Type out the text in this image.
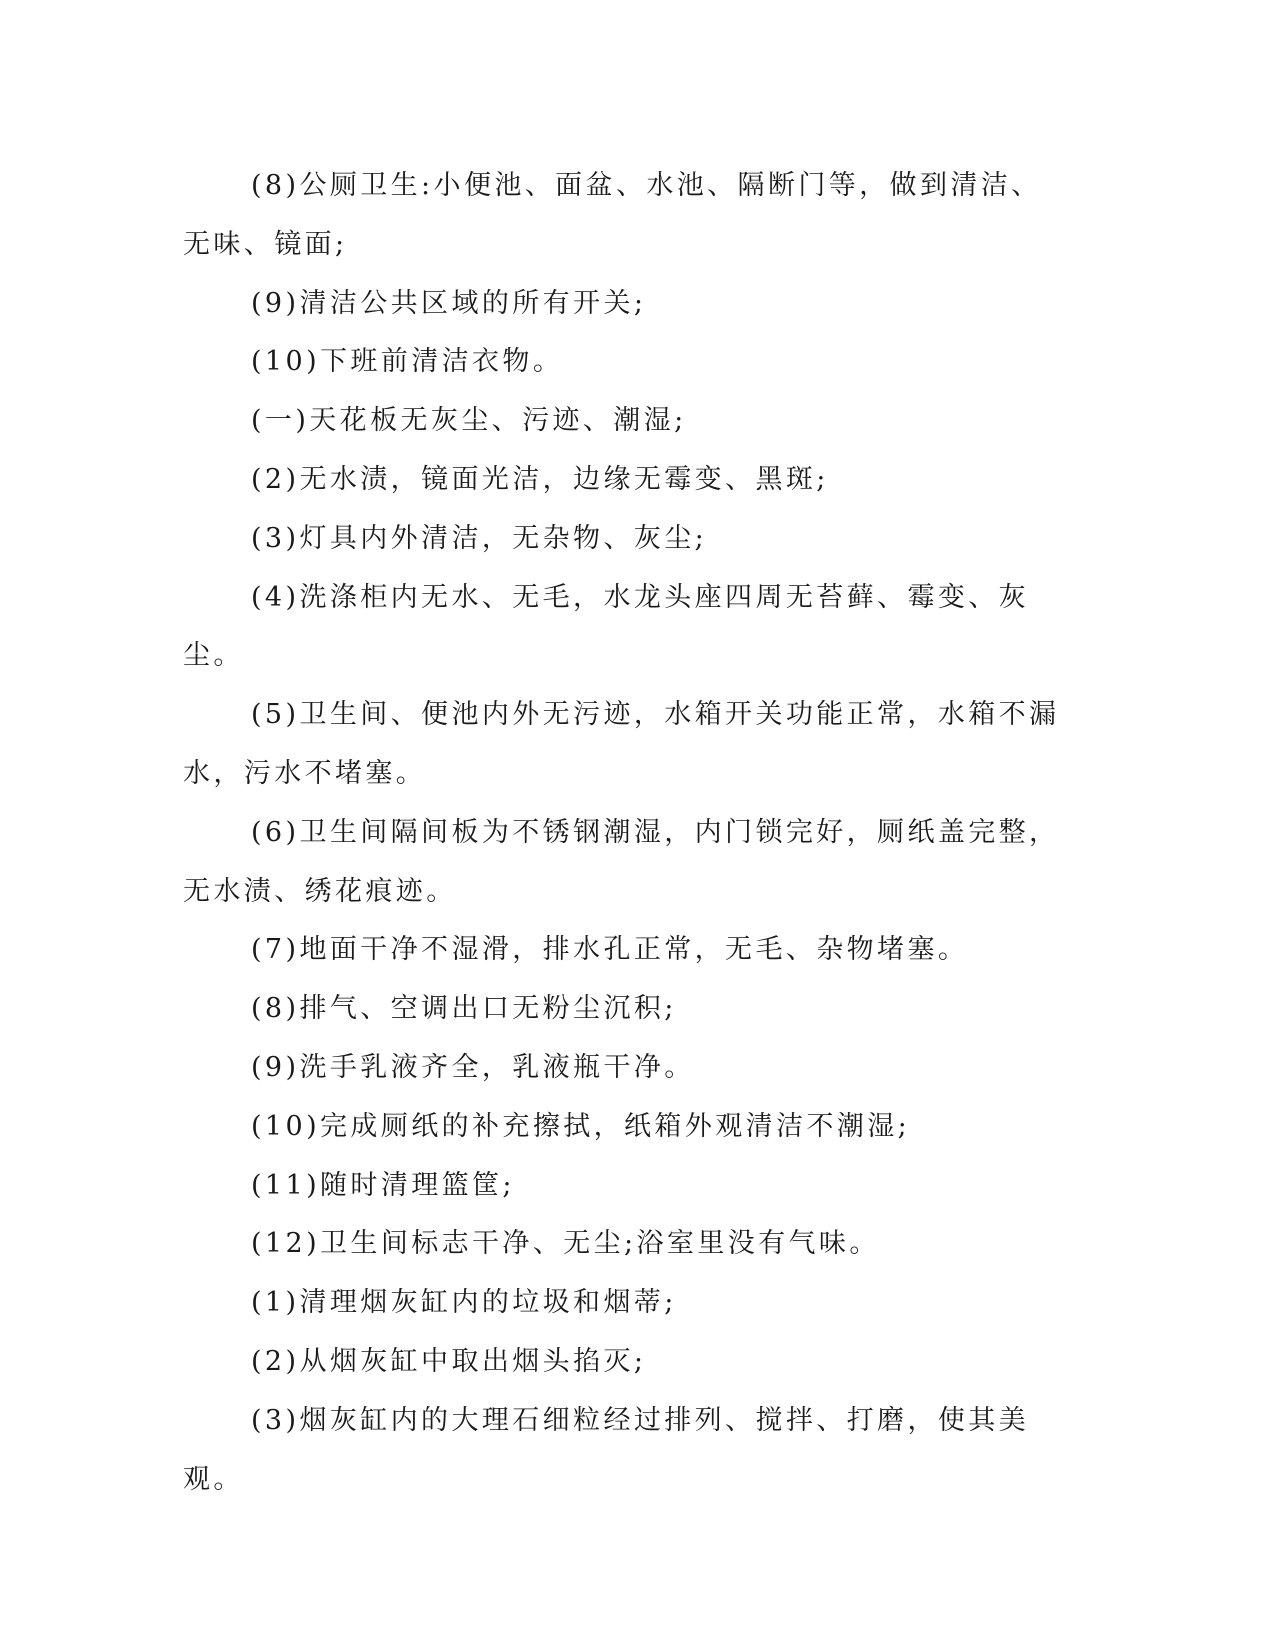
(8)公厕卫生:小便池、面盆、水池、隔断门等，做到清洁、无味、镜面;

(9)清洁公共区域的所有开关;

(10)下班前清洁衣物。

(一)天花板无灰尘、污迹、潮湿;

(2)无水渍，镜面光洁，边缘无霉变、黑斑;

(3)灯具内外清洁，无杂物、灰尘;

(4)洗涤柜内无水、无毛，水龙头座四周无苔藓、霉变、灰尘。

(5)卫生间、便池内外无污迹，水箱开关功能正常，水箱不漏水，污水不堵塞。

(6)卫生间隔间板为不锈钢潮湿，内门锁完好，厕纸盖完整，无水渍、绣花痕迹。

(7)地面干净不湿滑，排水孔正常，无毛、杂物堵塞。

(8)排气、空调出口无粉尘沉积;

(9)洗手乳液齐全，乳液瓶干净。

(10)完成厕纸的补充擦拭，纸箱外观清洁不潮湿;

(11)随时清理篮筐;

(12)卫生间标志干净、无尘;浴室里没有气味。

(1)清理烟灰缸内的垃圾和烟蒂;

(2)从烟灰缸中取出烟头掐灭;

(3)烟灰缸内的大理石细粒经过排列、搅拌、打磨，使其美观。
